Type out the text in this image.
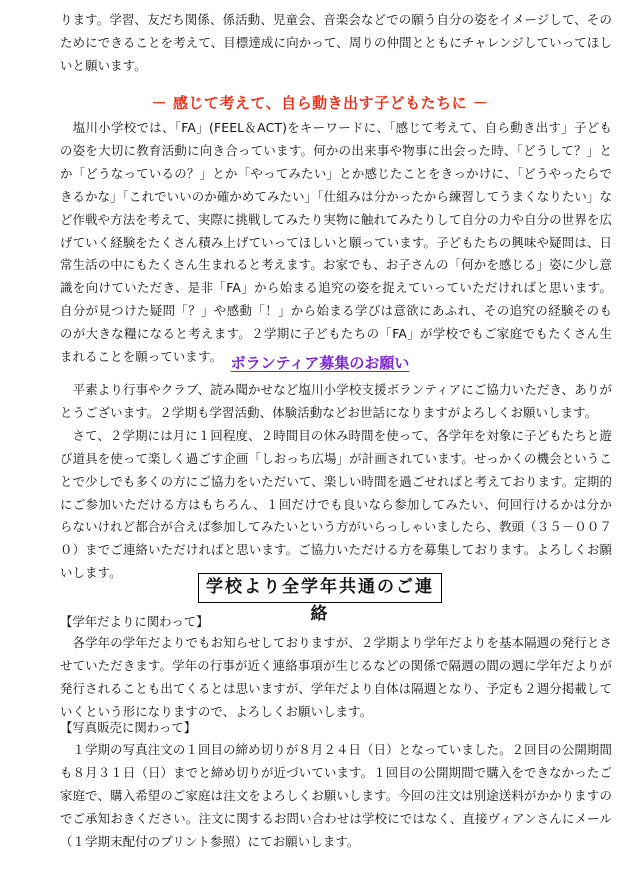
ります。学習、友だち関係、係活動、児童会、音楽会などでの願う自分の姿をイメージして、そのためにできることを考えて、目標達成に向かって、周りの仲間とともにチャレンジしていってほしいと願います。

－ 感じて考えて、自ら動き出す子どもたちに －

　塩川小学校では、「FA」(FEEL＆ACT)をキーワードに、「感じて考えて、自ら動き出す」子どもの姿を大切に教育活動に向き合っています。何かの出来事や物事に出会った時、「どうして？」とか「どうなっているの？」とか「やってみたい」とか感じたことをきっかけに、「どうやったらできるかな」「これでいいのか確かめてみたい」「仕組みは分かったから練習してうまくなりたい」など作戦や方法を考えて、実際に挑戦してみたり実物に触れてみたりして自分の力や自分の世界を広げていく経験をたくさん積み上げていってほしいと願っています。子どもたちの興味や疑問は、日常生活の中にもたくさん生まれると考えます。お家でも、お子さんの「何かを感じる」姿に少し意識を向けていただき、是非「FA」から始まる追究の姿を捉えていっていただければと思います。自分が見つけた疑問「？」や感動「！」から始まる学びは意欲にあふれ、その追究の経験そのものが大きな糧になると考えます。２学期に子どもたちの「FA」が学校でもご家庭でもたくさん生まれることを願っています。 ボランティア募集のお願い

　平素より行事やクラブ、読み聞かせなど塩川小学校支援ボランティアにご協力いただき、ありがとうございます。２学期も学習活動、体験活動などお世話になりますがよろしくお願いします。
　さて、２学期には月に１回程度、２時間目の休み時間を使って、各学年を対象に子どもたちと遊び道具を使って楽しく過ごす企画「しおっち広場」が計画されています。せっかくの機会ということで少しでも多くの方にご協力をいただいて、楽しい時間を過ごせればと考えております。定期的にご参加いただける方はもちろん、１回だけでも良いなら参加してみたい、何回行けるかは分からないけれど都合が合えば参加してみたいという方がいらっしゃいましたら、教頭（３５－００７０）までご連絡いただければと思います。ご協力いただける方を募集しております。よろしくお願いします。

学校より全学年共通のご連絡

【学年だよりに関わって】

　各学年の学年だよりでもお知らせしておりますが、２学期より学年だよりを基本隔週の発行とさせていただきます。学年の行事が近く連絡事項が生じるなどの関係で隔週の間の週に学年だよりが発行されることも出てくるとは思いますが、学年だより自体は隔週となり、予定も２週分掲載していくという形になりますので、よろしくお願いします。

【写真販売に関わって】

　１学期の写真注文の１回目の締め切りが８月２４日（日）となっていました。２回目の公開期間も８月３１日（日）までと締め切りが近づいています。１回目の公開期間で購入をできなかったご家庭で、購入希望のご家庭は注文をよろしくお願いします。今回の注文は別途送料がかかりますのでご承知おきください。注文に関するお問い合わせは学校にではなく、直接ヴィアンさんにメール（１学期末配付のプリント参照）にてお願いします。
